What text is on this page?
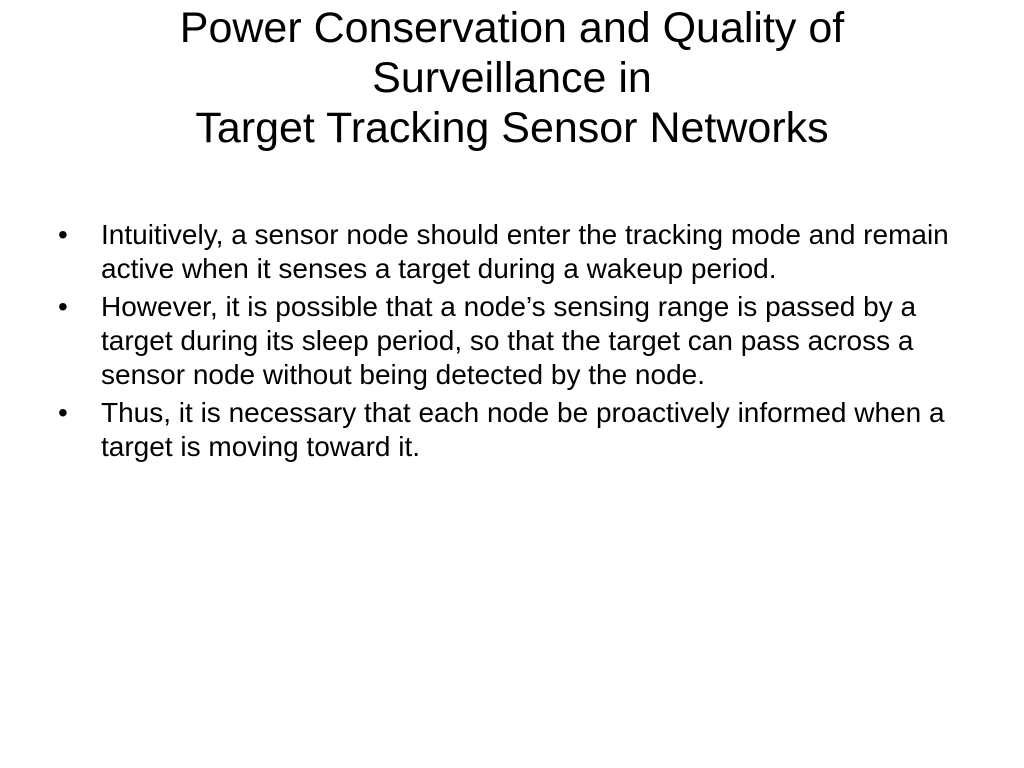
Power Conservation and Quality of
Surveillance in
Target Tracking Sensor Networks
•	Intuitively, a sensor node should enter the tracking mode and remain active when it senses a target during a wakeup period.
•	However, it is possible that a node’s sensing range is passed by a target during its sleep period, so that the target can pass across a sensor node without being detected by the node.
•	Thus, it is necessary that each node be proactively informed when a target is moving toward it.
